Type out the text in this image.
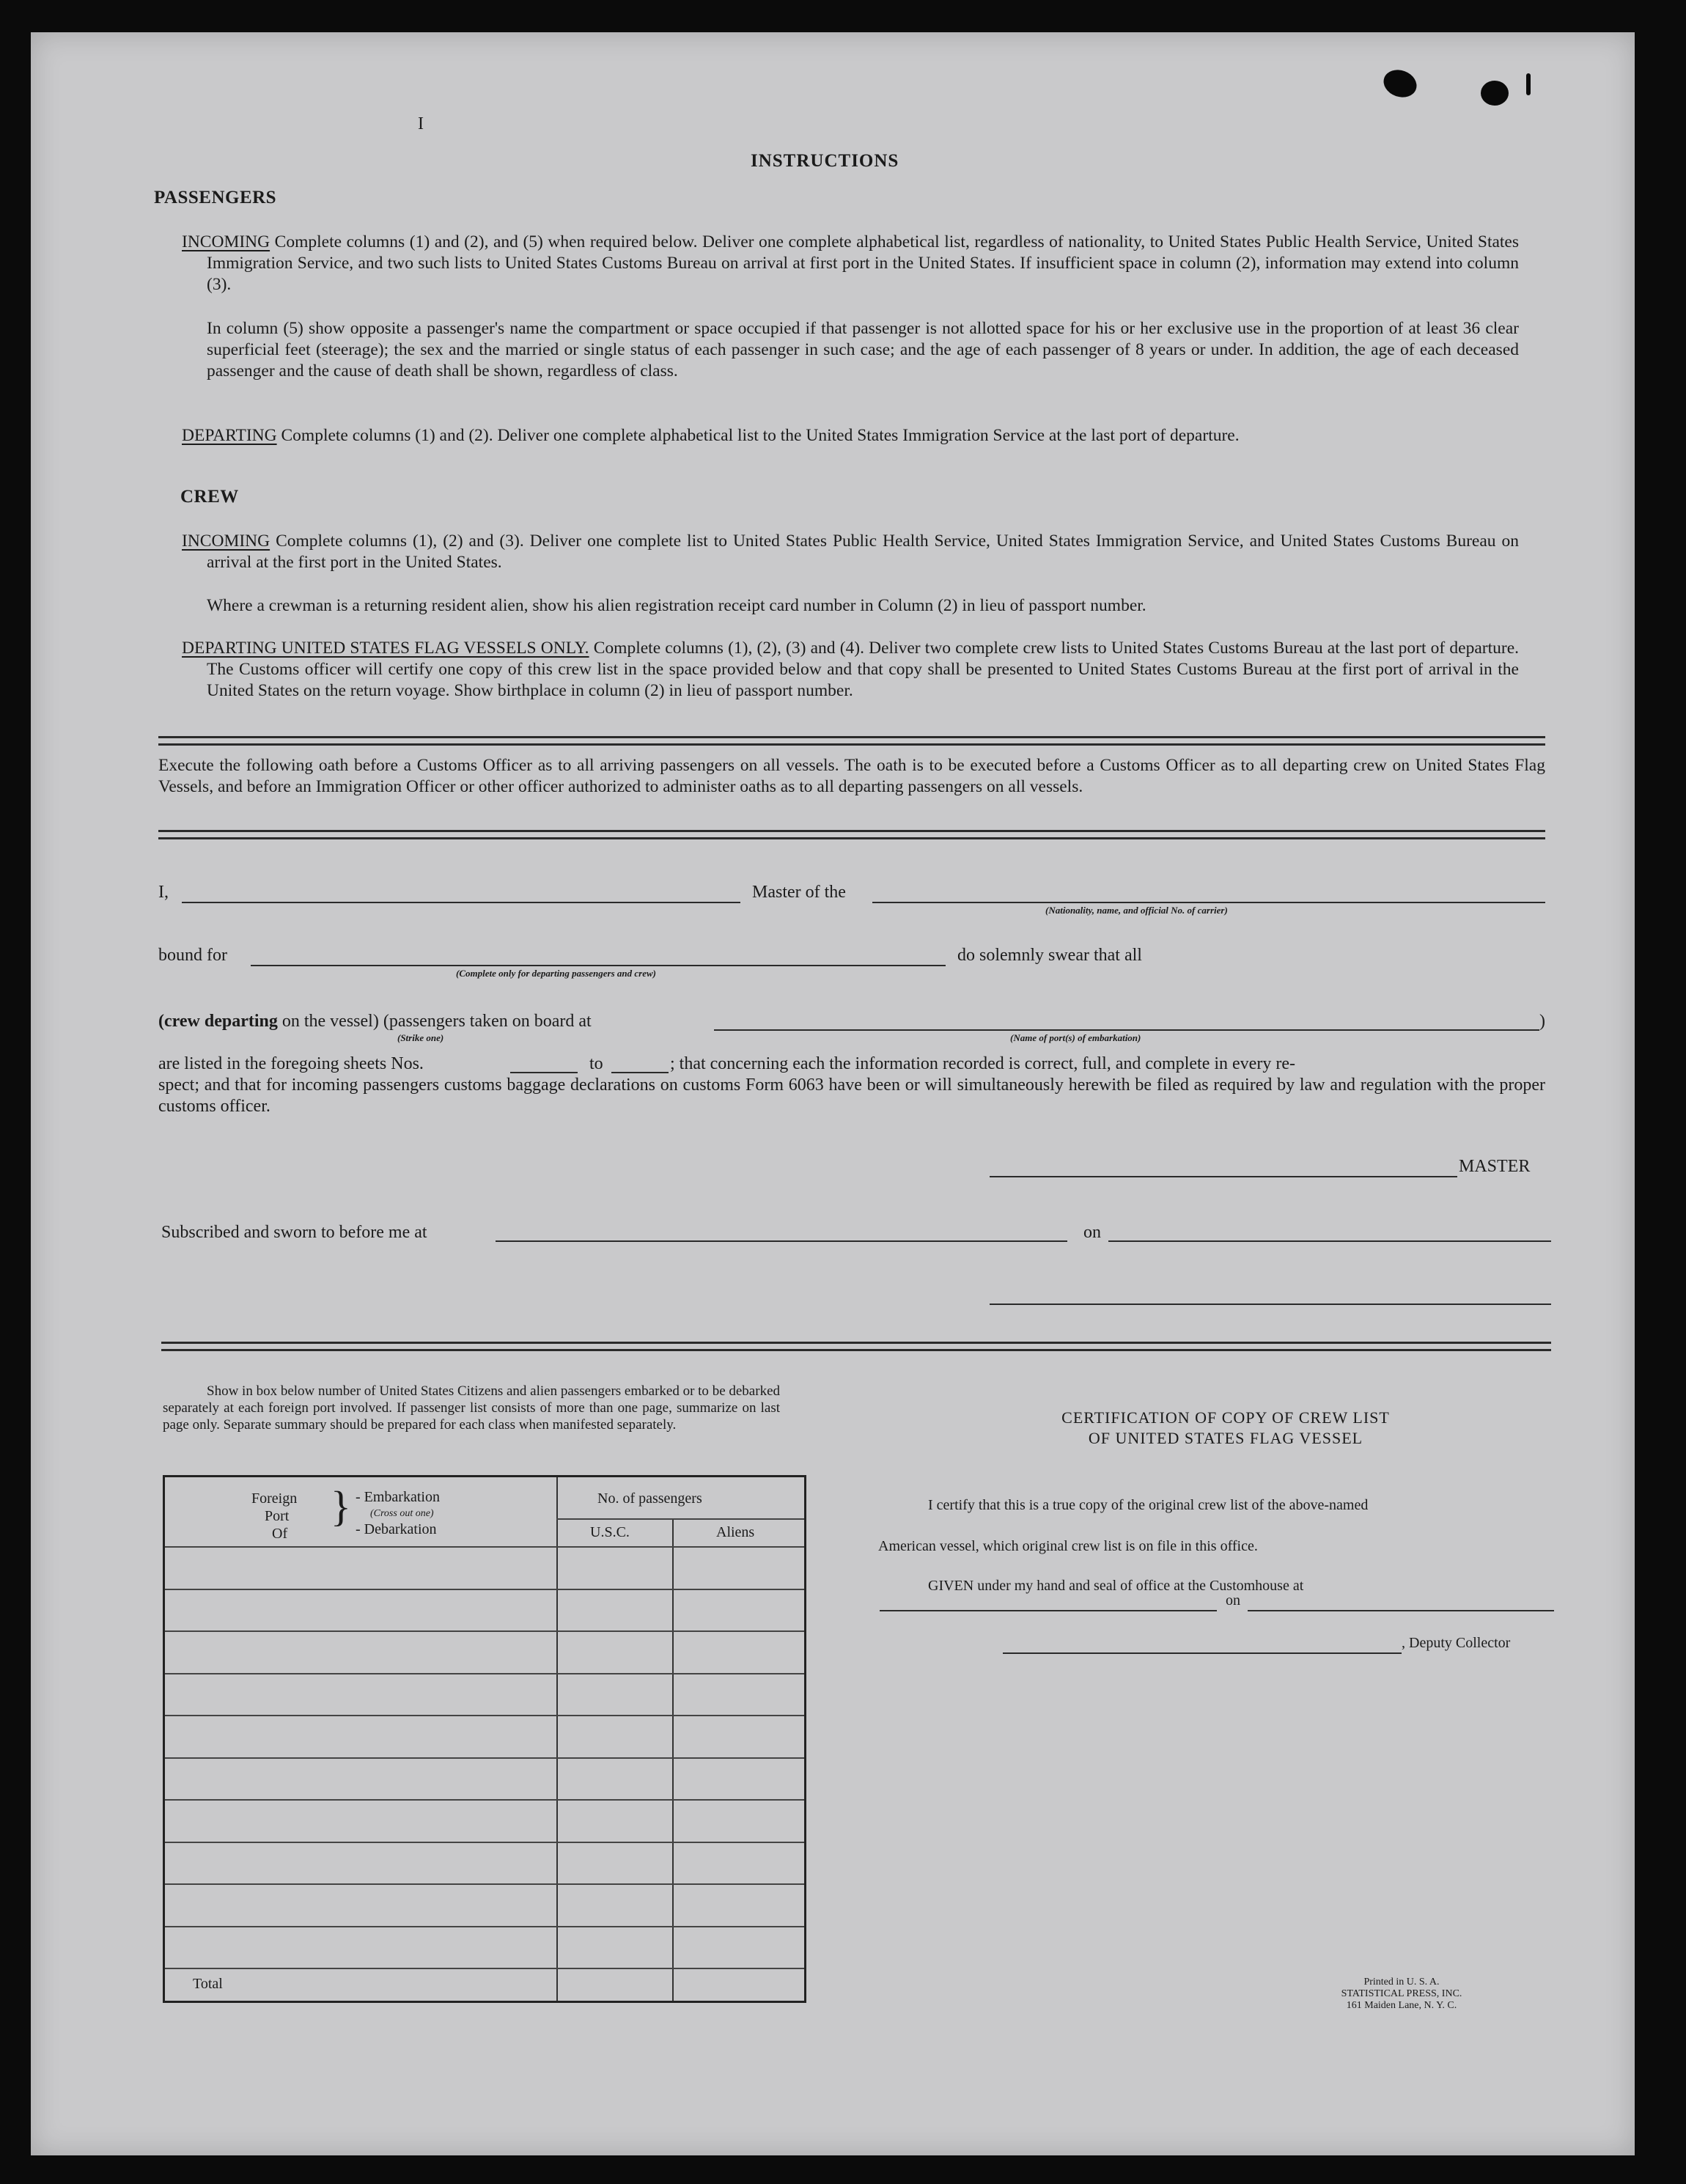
I
INSTRUCTIONS
PASSENGERS
INCOMING Complete columns (1) and (2), and (5) when required below. Deliver one complete alphabetical list, regardless of nationality, to United States Public Health Service, United States Immigration Service, and two such lists to United States Customs Bureau on arrival at first port in the United States. If insufficient space in column (2), information may extend into column (3).
In column (5) show opposite a passenger's name the compartment or space occupied if that passenger is not allotted space for his or her exclusive use in the proportion of at least 36 clear superficial feet (steerage); the sex and the married or single status of each passenger in such case; and the age of each passenger of 8 years or under. In addition, the age of each deceased passenger and the cause of death shall be shown, regardless of class.
DEPARTING Complete columns (1) and (2). Deliver one complete alphabetical list to the United States Immigration Service at the last port of departure.
CREW
INCOMING Complete columns (1), (2) and (3). Deliver one complete list to United States Public Health Service, United States Immigration Service, and United States Customs Bureau on arrival at the first port in the United States.
Where a crewman is a returning resident alien, show his alien registration receipt card number in Column (2) in lieu of passport number.
DEPARTING UNITED STATES FLAG VESSELS ONLY. Complete columns (1), (2), (3) and (4). Deliver two complete crew lists to United States Customs Bureau at the last port of departure. The Customs officer will certify one copy of this crew list in the space provided below and that copy shall be presented to United States Customs Bureau at the first port of arrival in the United States on the return voyage. Show birthplace in column (2) in lieu of passport number.
Execute the following oath before a Customs Officer as to all arriving passengers on all vessels. The oath is to be executed before a Customs Officer as to all departing crew on United States Flag Vessels, and before an Immigration Officer or other officer authorized to administer oaths as to all departing passengers on all vessels.
I,	Master of the
(Nationality, name, and official No. of carrier)
bound for
(Complete only for departing passengers and crew)
do solemnly swear that all
(crew departing on the vessel) (passengers taken on board at
(Strike one)	(Name of port(s) of embarkation)
)
are listed in the foregoing sheets Nos.	to	; that concerning each the information recorded is correct, full, and complete in every re-
spect; and that for incoming passengers customs baggage declarations on customs Form 6063 have been or will simultaneously herewith be filed as required by law and regulation with the proper customs officer.
MASTER
Subscribed and sworn to before me at	on
Show in box below number of United States Citizens and alien passengers embarked or to be debarked separately at each foreign port involved. If passenger list consists of more than one page, summarize on last page only. Separate summary should be prepared for each class when manifested separately.
Foreign
Port
Of
} - Embarkation
(Cross out one)
- Debarkation
No. of passengers
U.S.C.	Aliens
Total
CERTIFICATION OF COPY OF CREW LIST
OF UNITED STATES FLAG VESSEL
I certify that this is a true copy of the original crew list of the above-named
American vessel, which original crew list is on file in this office.
GIVEN under my hand and seal of office at the Customhouse at
on
, Deputy Collector
Printed in U. S. A.
STATISTICAL PRESS, INC.
161 Maiden Lane, N. Y. C.
